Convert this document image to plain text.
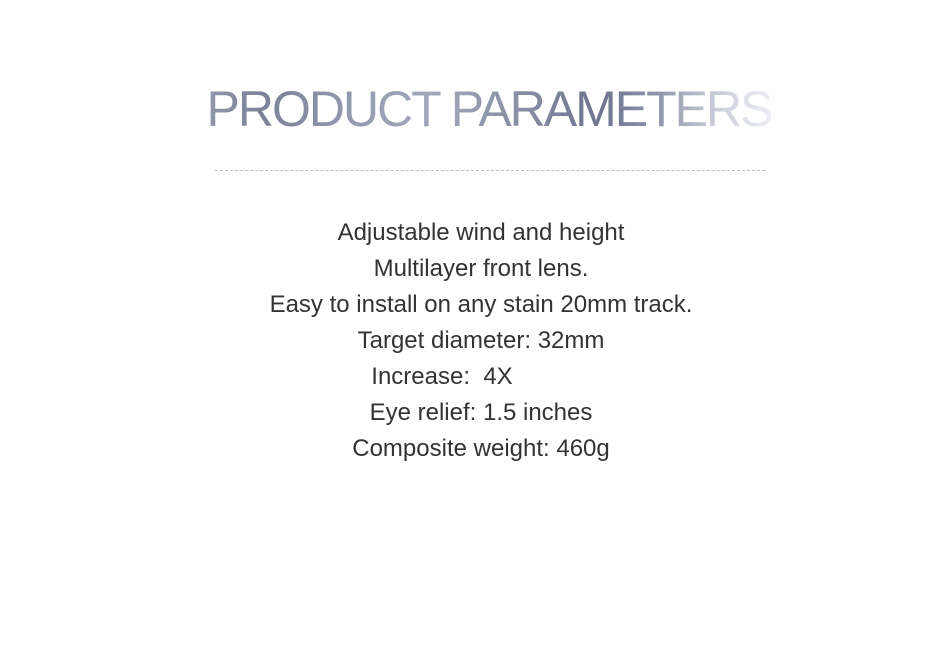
PRODUCT PARAMETERS
Adjustable wind and height
Multilayer front lens.
Easy to install on any stain 20mm track.
Target diameter: 32mm
Increase:  4X
Eye relief: 1.5 inches
Composite weight: 460g
